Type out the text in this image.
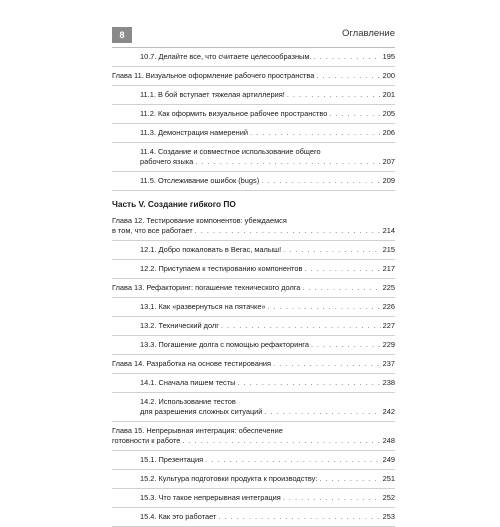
8	Оглавление
10.7. Делайте все, что считаете целесообразным. . . .	195
Глава 11. Визуальное оформление рабочего пространства . . .	200
11.1. В бой вступает тяжелая артиллерия! . . .	201
11.2. Как оформить визуальное рабочее пространство . . .	205
11.3. Демонстрация намерений . . .	206
11.4. Создание и совместное использование общего
рабочего языка . . .	207
11.5. Отслеживание ошибок (bugs) . . .	209
Часть V. Создание гибкого ПО
Глава 12. Тестирование компонентов: убеждаемся
в том, что все работает . . .	214
12.1. Добро пожаловать в Вегас, малыш! . . .	215
12.2. Приступаем к тестированию компонентов . . .	217
Глава 13. Рефакторинг: погашение технического долга . . .	225
13.1. Как «развернуться на пятачке» . . .	226
13.2. Технический долг . . .	227
13.3. Погашение долга с помощью рефакторинга . . .	229
Глава 14. Разработка на основе тестирования . . .	237
14.1. Сначала пишем тесты . . .	238
14.2. Использование тестов
для разрешения сложных ситуаций . . .	242
Глава 15. Непрерывная интеграция: обеспечение
готовности к работе . . .	248
15.1. Презентация . . .	249
15.2. Культура подготовки продукта к производству: . . .	251
15.3. Что такое непрерывная интеграция . . .	252
15.4. Как это работает . . .	253
